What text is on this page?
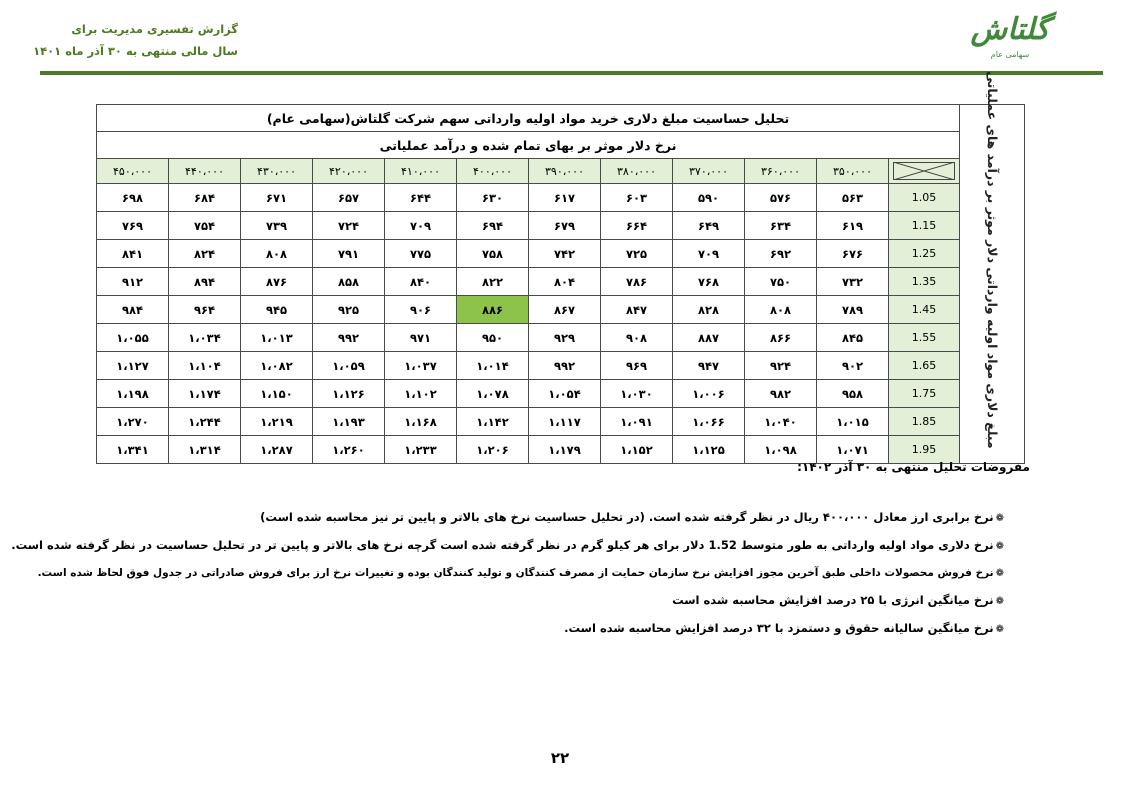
گزارش تفسیری مدیریت برای
سال مالی منتهی به ۳۰ آذر ماه ۱۴۰۱
گلتاش
سهامی عام
مبلغ دلاری مواد اولیه وارداتی دلار موثر بر درآمد های عملیاتی	تحلیل حساسیت مبلغ دلاری خرید مواد اولیه وارداتی سهم شرکت گلتاش(سهامی عام)											
	نرخ دلار موثر بر بهای تمام شده و درآمد عملیاتی											

	۳۵۰،۰۰۰	۳۶۰،۰۰۰	۳۷۰،۰۰۰	۳۸۰،۰۰۰	۳۹۰،۰۰۰	۴۰۰،۰۰۰	۴۱۰،۰۰۰	۴۲۰،۰۰۰	۴۳۰،۰۰۰	۴۴۰،۰۰۰	۴۵۰،۰۰۰
	1.05	۵۶۳	۵۷۶	۵۹۰	۶۰۳	۶۱۷	۶۳۰	۶۴۴	۶۵۷	۶۷۱	۶۸۴	۶۹۸
	1.15	۶۱۹	۶۳۴	۶۴۹	۶۶۴	۶۷۹	۶۹۴	۷۰۹	۷۲۴	۷۳۹	۷۵۴	۷۶۹
	1.25	۶۷۶	۶۹۲	۷۰۹	۷۲۵	۷۴۲	۷۵۸	۷۷۵	۷۹۱	۸۰۸	۸۲۴	۸۴۱
	1.35	۷۳۲	۷۵۰	۷۶۸	۷۸۶	۸۰۴	۸۲۲	۸۴۰	۸۵۸	۸۷۶	۸۹۴	۹۱۲
	1.45	۷۸۹	۸۰۸	۸۲۸	۸۴۷	۸۶۷	۸۸۶	۹۰۶	۹۲۵	۹۴۵	۹۶۴	۹۸۴
	1.55	۸۴۵	۸۶۶	۸۸۷	۹۰۸	۹۲۹	۹۵۰	۹۷۱	۹۹۲	۱،۰۱۳	۱،۰۳۴	۱،۰۵۵
	1.65	۹۰۲	۹۲۴	۹۴۷	۹۶۹	۹۹۲	۱،۰۱۴	۱،۰۳۷	۱،۰۵۹	۱،۰۸۲	۱،۱۰۴	۱،۱۲۷
	1.75	۹۵۸	۹۸۲	۱،۰۰۶	۱،۰۳۰	۱،۰۵۴	۱،۰۷۸	۱،۱۰۲	۱،۱۲۶	۱،۱۵۰	۱،۱۷۴	۱،۱۹۸
	1.85	۱،۰۱۵	۱،۰۴۰	۱،۰۶۶	۱،۰۹۱	۱،۱۱۷	۱،۱۴۲	۱،۱۶۸	۱،۱۹۳	۱،۲۱۹	۱،۲۴۴	۱،۲۷۰
	1.95	۱،۰۷۱	۱،۰۹۸	۱،۱۲۵	۱،۱۵۲	۱،۱۷۹	۱،۲۰۶	۱،۲۳۳	۱،۲۶۰	۱،۲۸۷	۱،۳۱۴	۱،۳۴۱
مفروضات تحلیل منتهی به ۳۰ آذر ۱۴۰۲:
❁نرخ برابری ارز معادل ۴۰۰،۰۰۰ ریال در نظر گرفته شده است. (در تحلیل حساسیت نرخ های بالاتر و پایین تر نیز محاسبه شده است)
❁نرخ دلاری مواد اولیه وارداتی به طور متوسط 1.52 دلار برای هر کیلو گرم در نظر گرفته شده است گرچه نرخ های بالاتر و پایین تر در تحلیل حساسیت در نظر گرفته شده است.
❁نرخ فروش محصولات داخلی طبق آخرین مجوز افزایش نرخ سازمان حمایت از مصرف کنندگان و تولید کنندگان بوده و تغییرات نرخ ارز برای فروش صادراتی در جدول فوق لحاظ شده است.
❁نرخ میانگین انرژی با ۲۵ درصد افزایش محاسبه شده است
❁نرخ میانگین سالیانه حقوق و دستمزد با ۳۲ درصد افزایش محاسبه شده است.
۲۲
